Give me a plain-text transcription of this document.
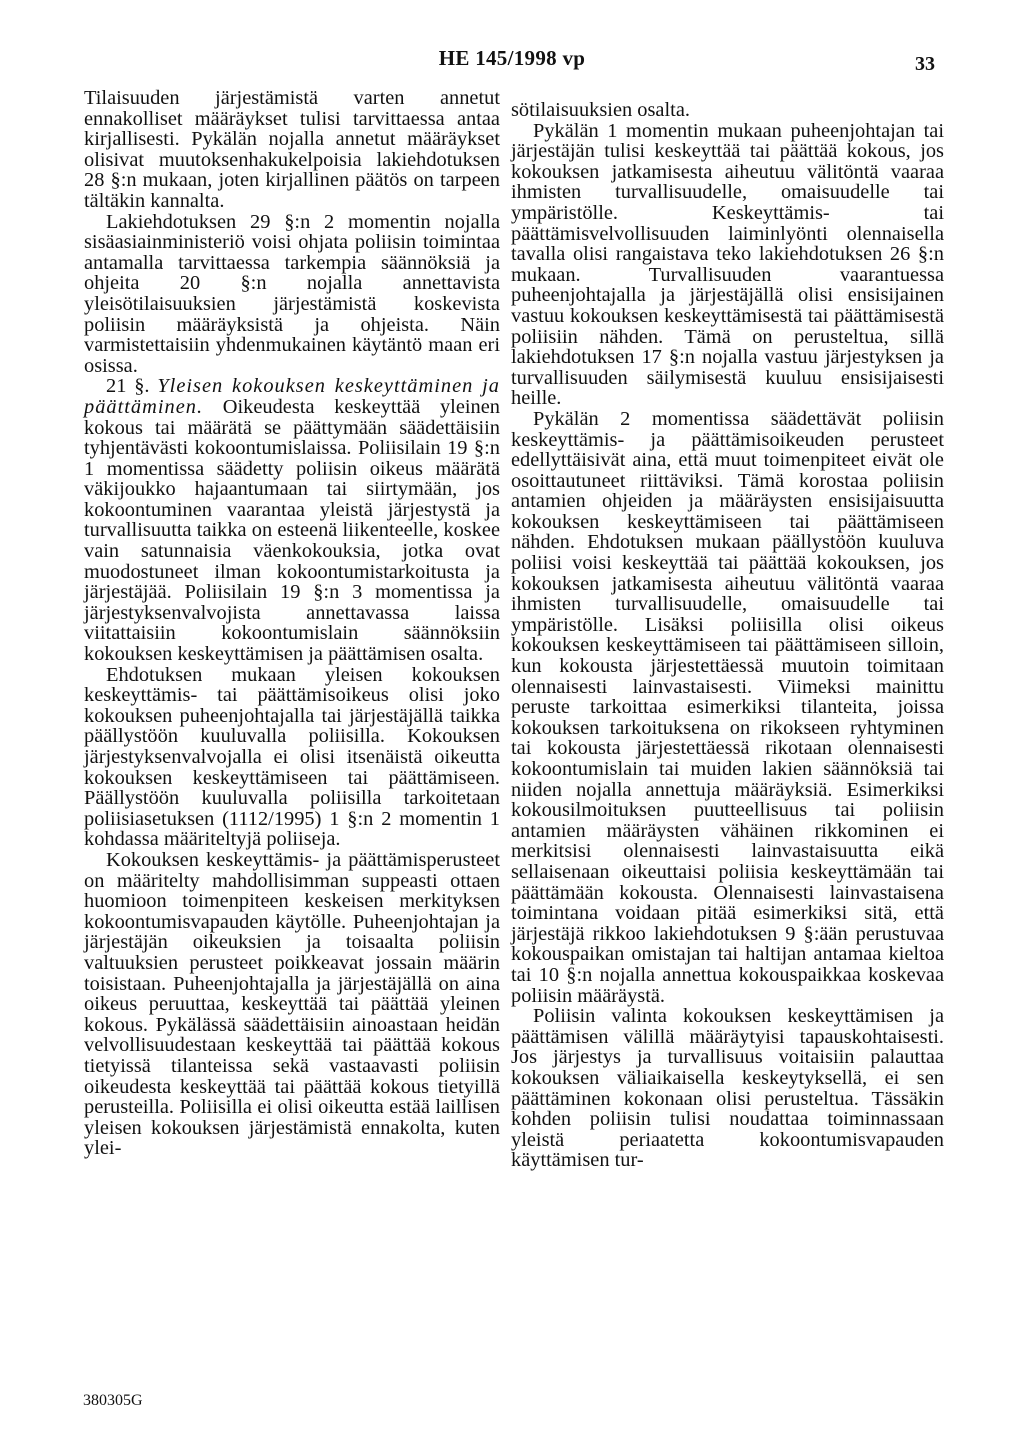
HE 145/1998 vp	33

Tilaisuuden järjestämistä varten annetut ennakolliset määräykset tulisi tarvittaessa antaa kirjallisesti. Pykälän nojalla annetut määräykset olisivat muutoksenhakukelpoisia lakiehdotuksen 28 §:n mukaan, joten kirjallinen päätös on tarpeen tältäkin kannalta.

Lakiehdotuksen 29 §:n 2 momentin nojalla sisäasiainministeriö voisi ohjata poliisin toimintaa antamalla tarvittaessa tarkempia säännöksiä ja ohjeita 20 §:n nojalla annettavista yleisötilaisuuksien järjestämistä koskevista poliisin määräyksistä ja ohjeista. Näin varmistettaisiin yhdenmukainen käytäntö maan eri osissa.

21 §. Yleisen kokouksen keskeyttäminen ja päättäminen. Oikeudesta keskeyttää yleinen kokous tai määrätä se päättymään säädettäisiin tyhjentävästi kokoontumislaissa. Poliisilain 19 §:n 1 momentissa säädetty poliisin oikeus määrätä väkijoukko hajaantumaan tai siirtymään, jos kokoontuminen vaarantaa yleistä järjestystä ja turvallisuutta taikka on esteenä liikenteelle, koskee vain satunnaisia väenkokouksia, jotka ovat muodostuneet ilman kokoontumistarkoitusta ja järjestäjää. Poliisilain 19 §:n 3 momentissa ja järjestyksenvalvojista annettavassa laissa viitattaisiin kokoontumislain säännöksiin kokouksen keskeyttämisen ja päättämisen osalta.

Ehdotuksen mukaan yleisen kokouksen keskeyttämis- tai päättämisoikeus olisi joko kokouksen puheenjohtajalla tai järjestäjällä taikka päällystöön kuuluvalla poliisilla. Kokouksen järjestyksenvalvojalla ei olisi itsenäistä oikeutta kokouksen keskeyttämiseen tai päättämiseen. Päällystöön kuuluvalla poliisilla tarkoitetaan poliisiasetuksen (1112/1995) 1 §:n 2 momentin 1 kohdassa määriteltyjä poliiseja.

Kokouksen keskeyttämis- ja päättämisperusteet on määritelty mahdollisimman suppeasti ottaen huomioon toimenpiteen keskeisen merkityksen kokoontumisvapauden käytölle. Puheenjohtajan ja järjestäjän oikeuksien ja toisaalta poliisin valtuuksien perusteet poikkeavat jossain määrin toisistaan. Puheenjohtajalla ja järjestäjällä on aina oikeus peruuttaa, keskeyttää tai päättää yleinen kokous. Pykälässä säädettäisiin ainoastaan heidän velvollisuudestaan keskeyttää tai päättää kokous tietyissä tilanteissa sekä vastaavasti poliisin oikeudesta keskeyttää tai päättää kokous tietyillä perusteilla. Poliisilla ei olisi oikeutta estää laillisen yleisen kokouksen järjestämistä ennakolta, kuten ylei-

sötilaisuuksien osalta.

Pykälän 1 momentin mukaan puheenjohtajan tai järjestäjän tulisi keskeyttää tai päättää kokous, jos kokouksen jatkamisesta aiheutuu välitöntä vaaraa ihmisten turvallisuudelle, omaisuudelle tai ympäristölle. Keskeyttämis- tai päättämisvelvollisuuden laiminlyönti olennaisella tavalla olisi rangaistava teko lakiehdotuksen 26 §:n mukaan. Turvallisuuden vaarantuessa puheenjohtajalla ja järjestäjällä olisi ensisijainen vastuu kokouksen keskeyttämisestä tai päättämisestä poliisiin nähden. Tämä on perusteltua, sillä lakiehdotuksen 17 §:n nojalla vastuu järjestyksen ja turvallisuuden säilymisestä kuuluu ensisijaisesti heille.

Pykälän 2 momentissa säädettävät poliisin keskeyttämis- ja päättämisoikeuden perusteet edellyttäisivät aina, että muut toimenpiteet eivät ole osoittautuneet riittäviksi. Tämä korostaa poliisin antamien ohjeiden ja määräysten ensisijaisuutta kokouksen keskeyttämiseen tai päättämiseen nähden. Ehdotuksen mukaan päällystöön kuuluva poliisi voisi keskeyttää tai päättää kokouksen, jos kokouksen jatkamisesta aiheutuu välitöntä vaaraa ihmisten turvallisuudelle, omaisuudelle tai ympäristölle. Lisäksi poliisilla olisi oikeus kokouksen keskeyttämiseen tai päättämiseen silloin, kun kokousta järjestettäessä muutoin toimitaan olennaisesti lainvastaisesti. Viimeksi mainittu peruste tarkoittaa esimerkiksi tilanteita, joissa kokouksen tarkoituksena on rikokseen ryhtyminen tai kokousta järjestettäessä rikotaan olennaisesti kokoontumislain tai muiden lakien säännöksiä tai niiden nojalla annettuja määräyksiä. Esimerkiksi kokousilmoituksen puutteellisuus tai poliisin antamien määräysten vähäinen rikkominen ei merkitsisi olennaisesti lainvastaisuutta eikä sellaisenaan oikeuttaisi poliisia keskeyttämään tai päättämään kokousta. Olennaisesti lainvastaisena toimintana voidaan pitää esimerkiksi sitä, että järjestäjä rikkoo lakiehdotuksen 9 §:ään perustuvaa kokouspaikan omistajan tai haltijan antamaa kieltoa tai 10 §:n nojalla annettua kokouspaikkaa koskevaa poliisin määräystä.

Poliisin valinta kokouksen keskeyttämisen ja päättämisen välillä määräytyisi tapauskohtaisesti. Jos järjestys ja turvallisuus voitaisiin palauttaa kokouksen väliaikaisella keskeytyksellä, ei sen päättäminen kokonaan olisi perusteltua. Tässäkin kohden poliisin tulisi noudattaa toiminnassaan yleistä periaatetta kokoontumisvapauden käyttämisen tur-

380305G
